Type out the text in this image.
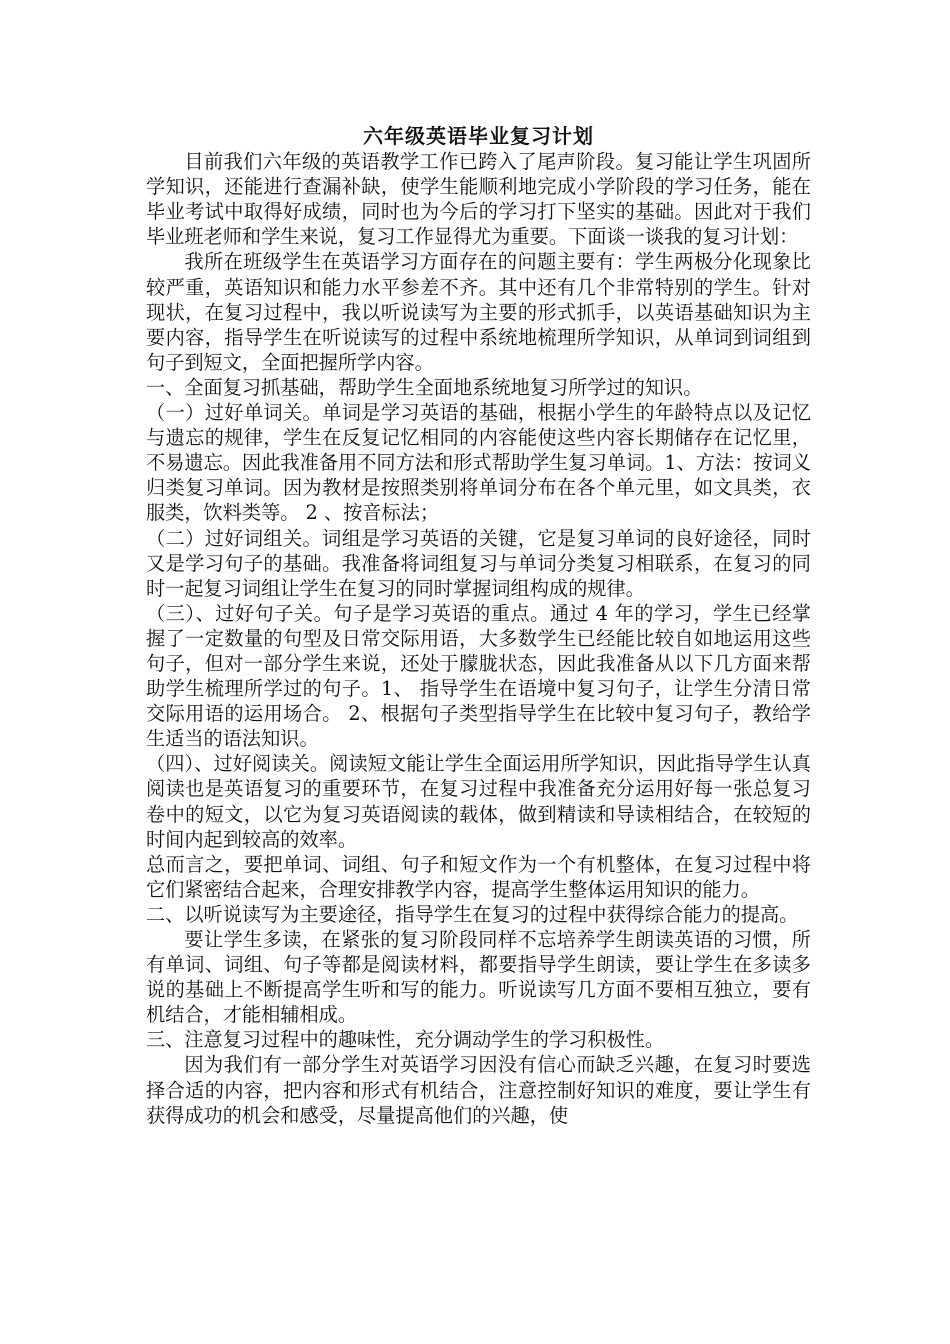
六年级英语毕业复习计划

目前我们六年级的英语教学工作已跨入了尾声阶段。复习能让学生巩固所学知识，还能进行查漏补缺，使学生能顺利地完成小学阶段的学习任务，能在毕业考试中取得好成绩，同时也为今后的学习打下坚实的基础。因此对于我们毕业班老师和学生来说，复习工作显得尤为重要。下面谈一谈我的复习计划：

我所在班级学生在英语学习方面存在的问题主要有：学生两极分化现象比较严重，英语知识和能力水平参差不齐。其中还有几个非常特别的学生。针对现状，在复习过程中，我以听说读写为主要的形式抓手，以英语基础知识为主要内容，指导学生在听说读写的过程中系统地梳理所学知识，从单词到词组到句子到短文，全面把握所学内容。

一、全面复习抓基础，帮助学生全面地系统地复习所学过的知识。

（一）过好单词关。单词是学习英语的基础，根据小学生的年龄特点以及记忆与遗忘的规律，学生在反复记忆相同的内容能使这些内容长期储存在记忆里，不易遗忘。因此我准备用不同方法和形式帮助学生复习单词。1、方法：按词义归类复习单词。因为教材是按照类别将单词分布在各个单元里，如文具类，衣服类，饮料类等。 2 、按音标法；

（二）过好词组关。词组是学习英语的关键，它是复习单词的良好途径，同时又是学习句子的基础。我准备将词组复习与单词分类复习相联系，在复习的同时一起复习词组让学生在复习的同时掌握词组构成的规律。

（三）、过好句子关。句子是学习英语的重点。通过 4 年的学习，学生已经掌握了一定数量的句型及日常交际用语，大多数学生已经能比较自如地运用这些句子，但对一部分学生来说，还处于朦胧状态，因此我准备从以下几方面来帮助学生梳理所学过的句子。1、 指导学生在语境中复习句子，让学生分清日常交际用语的运用场合。 2、根据句子类型指导学生在比较中复习句子，教给学生适当的语法知识。

（四）、过好阅读关。阅读短文能让学生全面运用所学知识，因此指导学生认真阅读也是英语复习的重要环节，在复习过程中我准备充分运用好每一张总复习卷中的短文，以它为复习英语阅读的载体，做到精读和导读相结合，在较短的时间内起到较高的效率。

总而言之，要把单词、词组、句子和短文作为一个有机整体，在复习过程中将它们紧密结合起来，合理安排教学内容，提高学生整体运用知识的能力。

二、以听说读写为主要途径，指导学生在复习的过程中获得综合能力的提高。

要让学生多读，在紧张的复习阶段同样不忘培养学生朗读英语的习惯，所有单词、词组、句子等都是阅读材料，都要指导学生朗读，要让学生在多读多说的基础上不断提高学生听和写的能力。听说读写几方面不要相互独立，要有机结合，才能相辅相成。

三、注意复习过程中的趣味性，充分调动学生的学习积极性。

因为我们有一部分学生对英语学习因没有信心而缺乏兴趣，在复习时要选择合适的内容，把内容和形式有机结合，注意控制好知识的难度，要让学生有获得成功的机会和感受，尽量提高他们的兴趣，使
